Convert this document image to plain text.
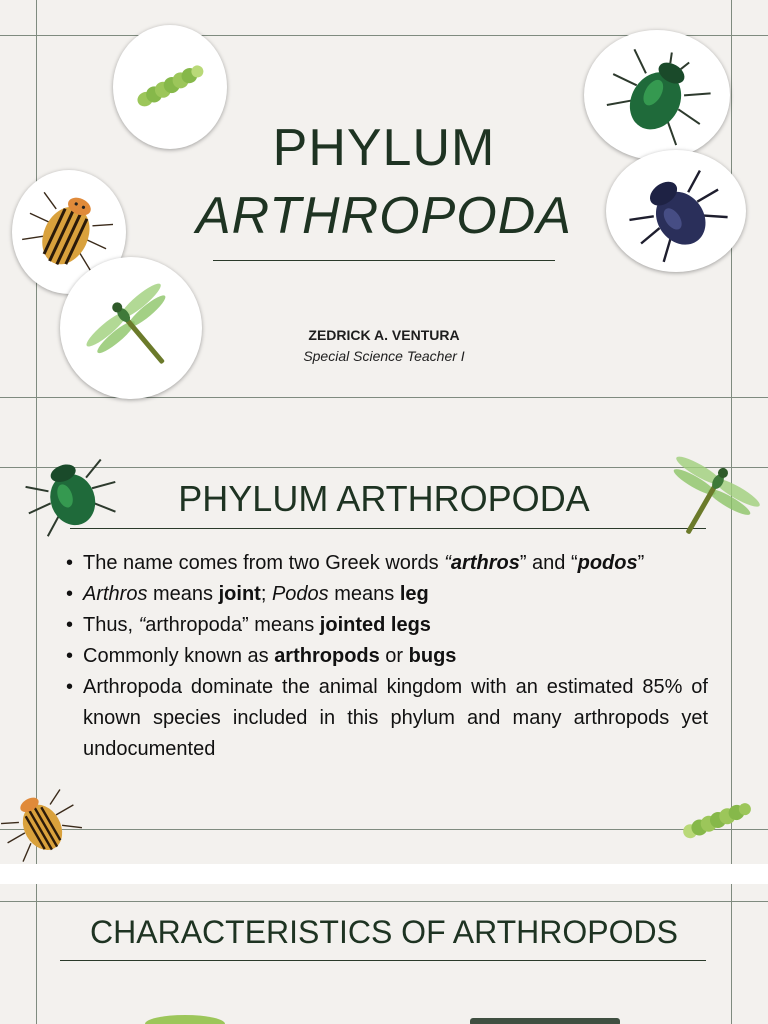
PHYLUM
ARTHROPODA
ZEDRICK A. VENTURA
Special Science Teacher I
PHYLUM ARTHROPODA
• The name comes from two Greek words “arthros” and “podos”
• Arthros means joint; Podos means leg
• Thus, “arthropoda” means jointed legs
• Commonly known as arthropods or bugs
• Arthropoda dominate the animal kingdom with an estimated 85% of known species included in this phylum and many arthropods yet undocumented
CHARACTERISTICS OF ARTHROPODS
